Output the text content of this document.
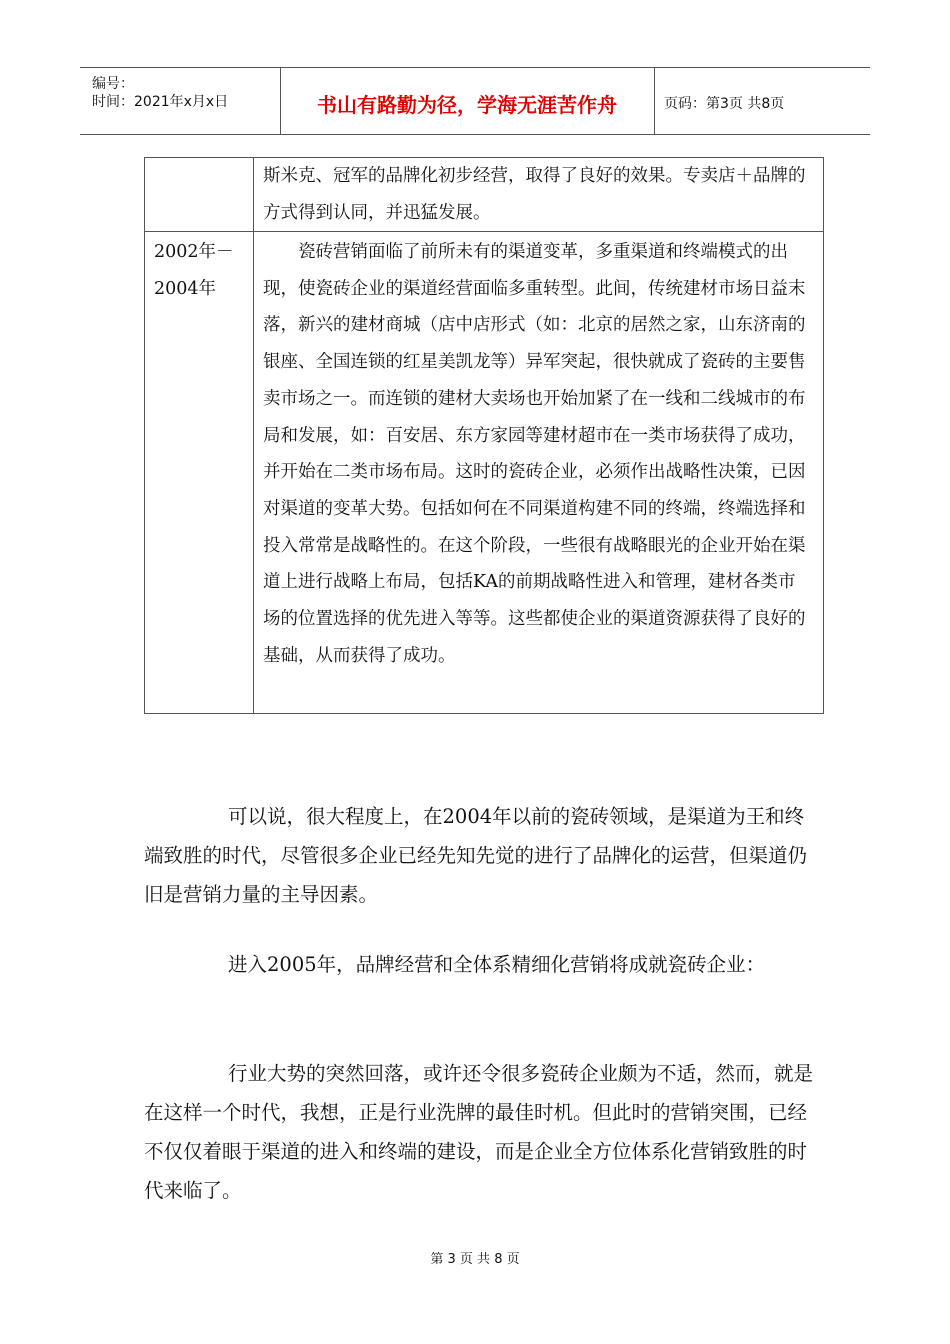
编号：
时间：2021年x月x日	书山有路勤为径，学海无涯苦作舟	页码：第3页 共8页
斯米克、冠军的品牌化初步经营，取得了良好的效果。专卖店＋品牌的方式得到认同，并迅猛发展。
2002年－2004年
瓷砖营销面临了前所未有的渠道变革，多重渠道和终端模式的出现，使瓷砖企业的渠道经营面临多重转型。此间，传统建材市场日益末落，新兴的建材商城（店中店形式（如：北京的居然之家，山东济南的银座、全国连锁的红星美凯龙等）异军突起，很快就成了瓷砖的主要售卖市场之一。而连锁的建材大卖场也开始加紧了在一线和二线城市的布局和发展，如：百安居、东方家园等建材超市在一类市场获得了成功，并开始在二类市场布局。这时的瓷砖企业，必须作出战略性决策，已因对渠道的变革大势。包括如何在不同渠道构建不同的终端，终端选择和投入常常是战略性的。在这个阶段，一些很有战略眼光的企业开始在渠道上进行战略上布局，包括KA的前期战略性进入和管理，建材各类市场的位置选择的优先进入等等。这些都使企业的渠道资源获得了良好的基础，从而获得了成功。
可以说，很大程度上，在2004年以前的瓷砖领域，是渠道为王和终端致胜的时代，尽管很多企业已经先知先觉的进行了品牌化的运营，但渠道仍旧是营销力量的主导因素。
进入2005年，品牌经营和全体系精细化营销将成就瓷砖企业：
行业大势的突然回落，或许还令很多瓷砖企业颇为不适，然而，就是在这样一个时代，我想，正是行业洗牌的最佳时机。但此时的营销突围，已经不仅仅着眼于渠道的进入和终端的建设，而是企业全方位体系化营销致胜的时代来临了。
第 3 页 共 8 页
